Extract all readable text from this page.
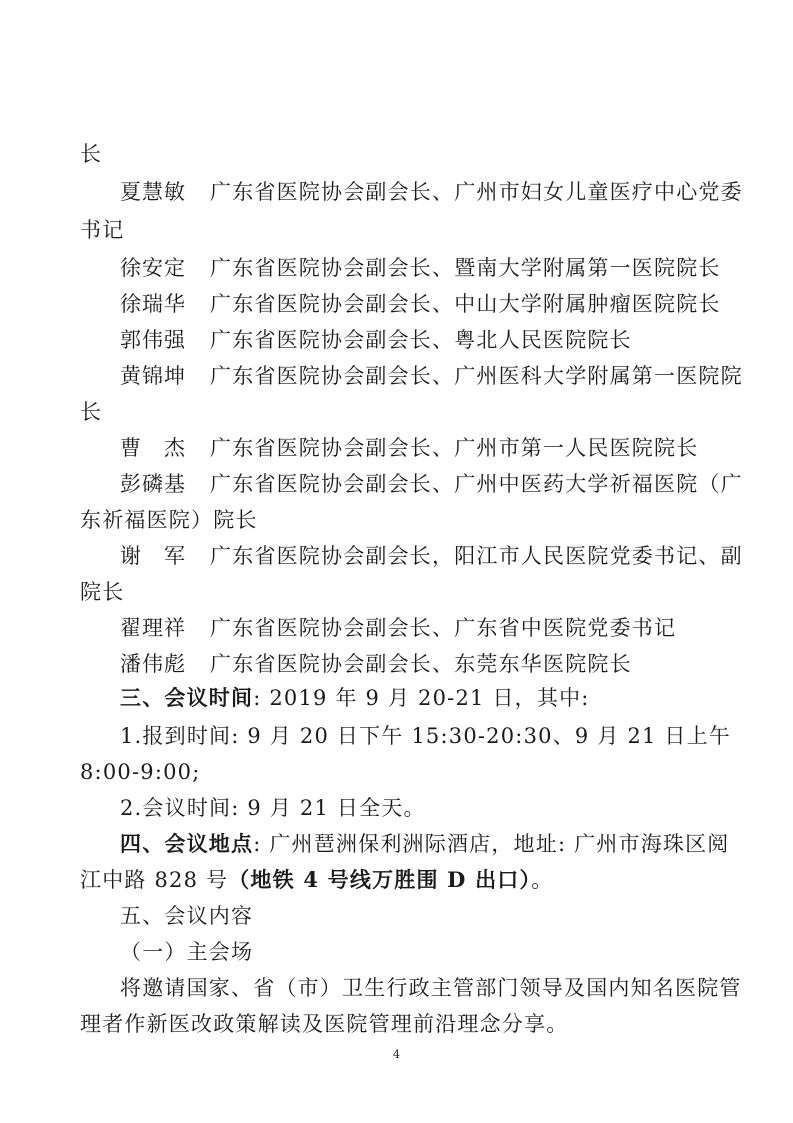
长
夏慧敏 广东省医院协会副会长、广州市妇女儿童医疗中心党委
书记
徐安定 广东省医院协会副会长、暨南大学附属第一医院院长
徐瑞华 广东省医院协会副会长、中山大学附属肿瘤医院院长
郭伟强 广东省医院协会副会长、粤北人民医院院长
黄锦坤 广东省医院协会副会长、广州医科大学附属第一医院院
长
曹　杰 广东省医院协会副会长、广州市第一人民医院院长
彭磷基 广东省医院协会副会长、广州中医药大学祈福医院（广
东祈福医院）院长
谢　军 广东省医院协会副会长，阳江市人民医院党委书记、副
院长
翟理祥 广东省医院协会副会长、广东省中医院党委书记
潘伟彪 广东省医院协会副会长、东莞东华医院院长
三、会议时间: 2019 年 9 月 20-21 日，其中:
1.报到时间: 9 月 20 日下午 15:30-20:30、9 月 21 日上午
8:00-9:00;
2.会议时间: 9 月 21 日全天。
四、会议地点: 广州琶洲保利洲际酒店，地址: 广州市海珠区阅
江中路 828 号（地铁 4 号线万胜围 D 出口）。
五、会议内容
（一）主会场
将邀请国家、省（市）卫生行政主管部门领导及国内知名医院管
理者作新医改政策解读及医院管理前沿理念分享。
4
